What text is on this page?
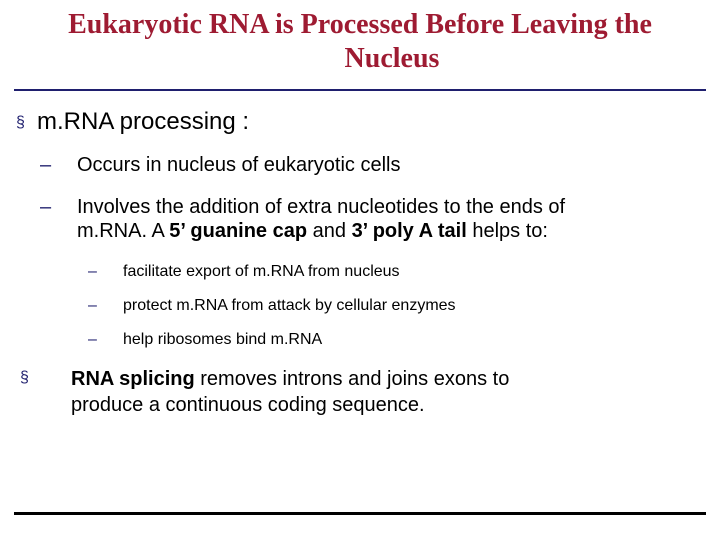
Eukaryotic RNA is Processed Before Leaving the
Nucleus
§ m.RNA processing :
–	Occurs in nucleus of eukaryotic cells
–	Involves the addition of extra nucleotides to the ends of
m.RNA. A 5’ guanine cap and 3’ poly A tail helps to:
–	facilitate export of m.RNA from nucleus
–	protect m.RNA from attack by cellular enzymes
–	help ribosomes bind m.RNA
§ RNA splicing removes introns and joins exons to
produce a continuous coding sequence.
